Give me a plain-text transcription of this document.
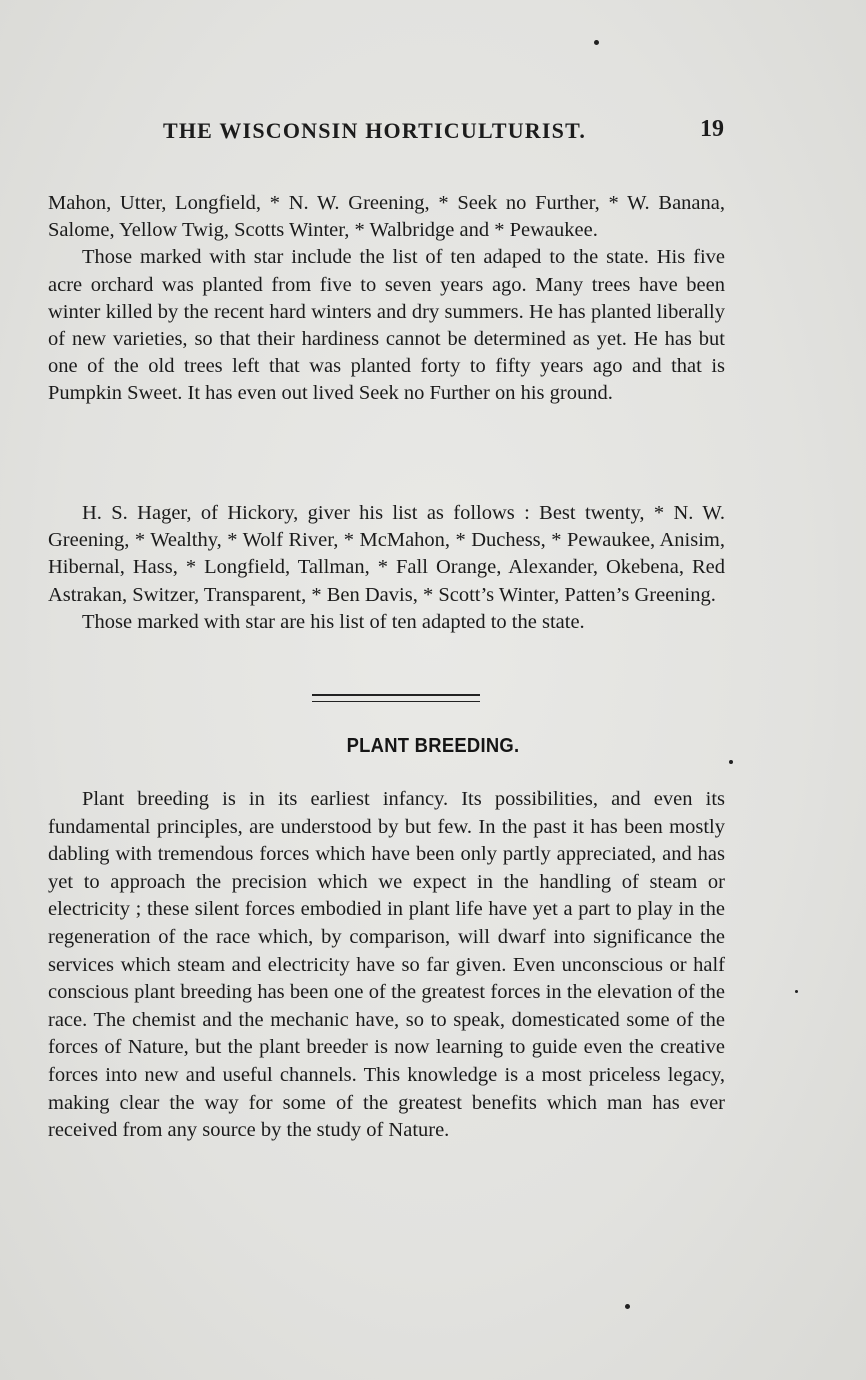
THE WISCONSIN HORTICULTURIST.	19

Mahon, Utter, Longfield, * N. W. Greening, * Seek no Further, * W. Banana, Salome, Yellow Twig, Scotts Winter, * Walbridge and * Pewaukee.

Those marked with star include the list of ten adaped to the state. His five acre orchard was planted from five to seven years ago. Many trees have been winter killed by the recent hard winters and dry summers. He has planted liberally of new varieties, so that their hardiness cannot be determined as yet. He has but one of the old trees left that was planted forty to fifty years ago and that is Pumpkin Sweet. It has even out lived Seek no Further on his ground.

H. S. Hager, of Hickory, giver his list as follows : Best twenty, * N. W. Greening, * Wealthy, * Wolf River, * McMahon, * Duchess, * Pewaukee, Anisim, Hibernal, Hass, * Longfield, Tallman, * Fall Orange, Alexander, Okebena, Red Astrakan, Switzer, Transparent, * Ben Davis, * Scott’s Winter, Patten’s Greening.

Those marked with star are his list of ten adapted to the state.

PLANT BREEDING.

Plant breeding is in its earliest infancy. Its possibilities, and even its fundamental principles, are understood by but few. In the past it has been mostly dabling with tremendous forces which have been only partly appreciated, and has yet to approach the precision which we expect in the handling of steam or electricity ; these silent forces embodied in plant life have yet a part to play in the regeneration of the race which, by comparison, will dwarf into significance the services which steam and electricity have so far given. Even unconscious or half conscious plant breeding has been one of the greatest forces in the elevation of the race. The chemist and the mechanic have, so to speak, domesticated some of the forces of Nature, but the plant breeder is now learning to guide even the creative forces into new and useful channels. This knowledge is a most priceless legacy, making clear the way for some of the greatest benefits which man has ever received from any source by the study of Nature.
